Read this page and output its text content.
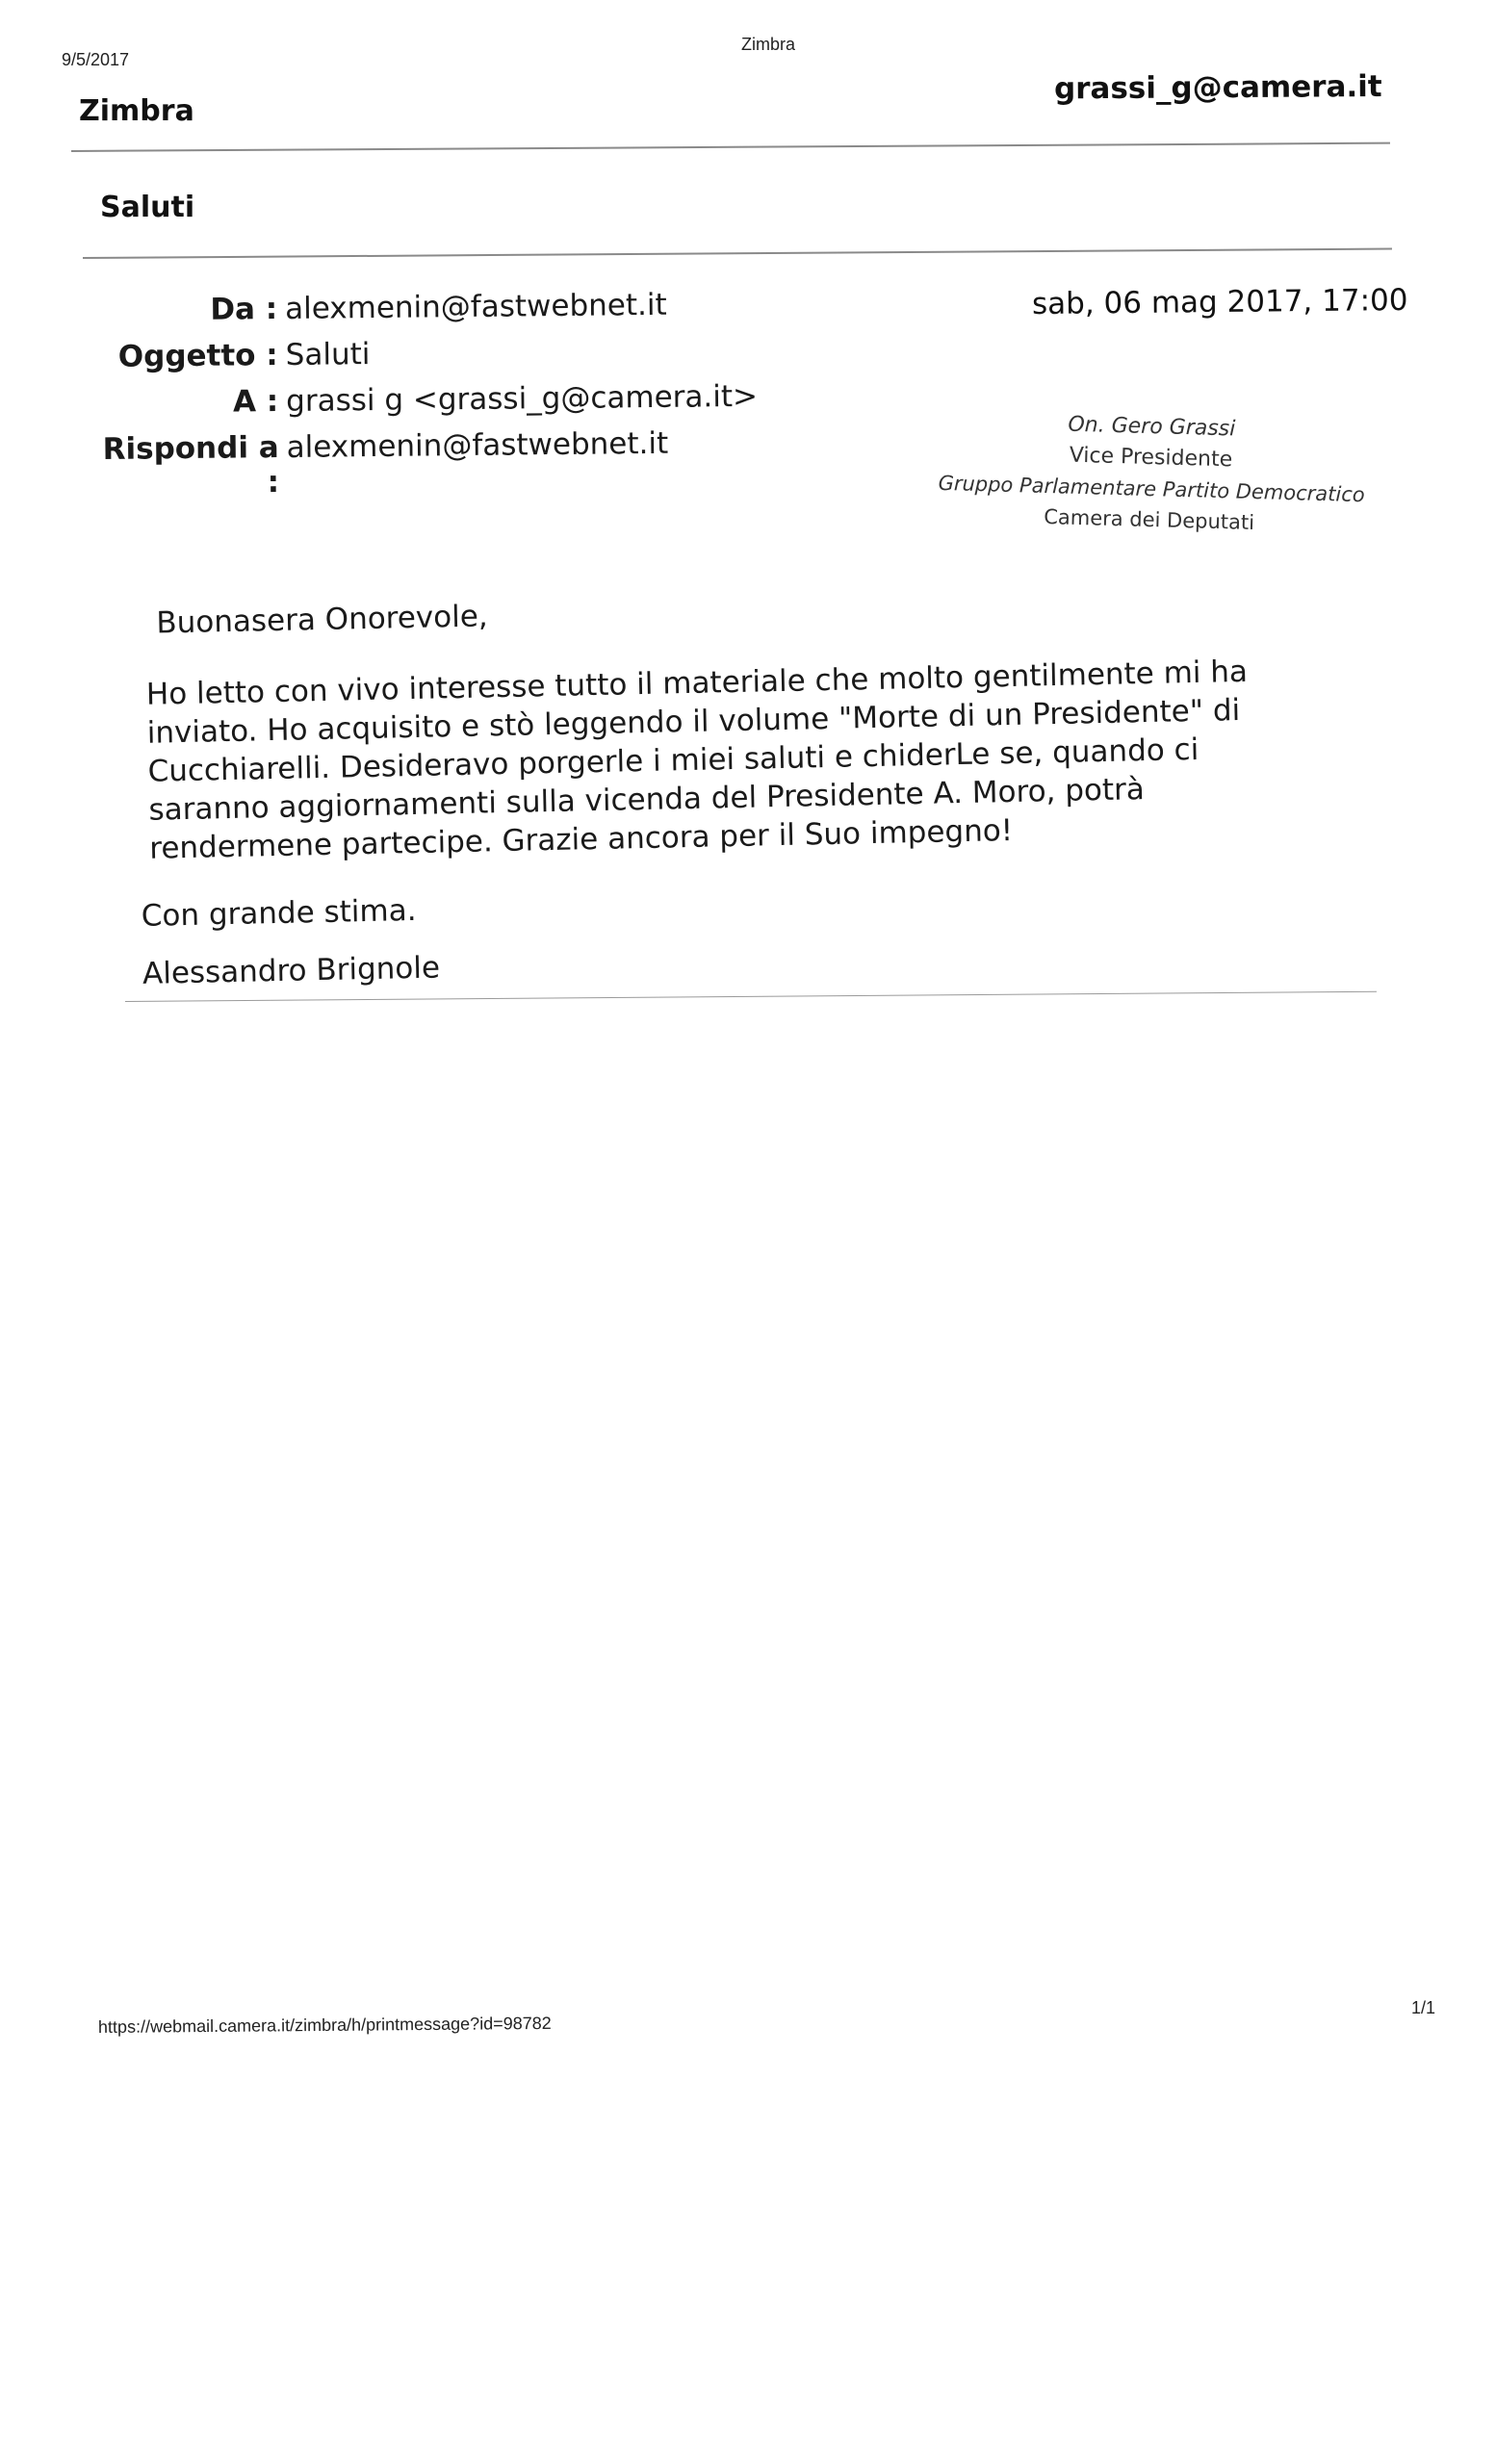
9/5/2017
Zimbra
Zimbra
grassi_g@camera.it
Saluti
Da : alexmenin@fastwebnet.it
Oggetto : Saluti
A : grassi g <grassi_g@camera.it>
Rispondi a :
alexmenin@fastwebnet.it
sab, 06 mag 2017, 17:00
On. Gero Grassi
Vice Presidente
Gruppo Parlamentare Partito Democratico
Camera dei Deputati

Buonasera Onorevole,

Ho letto con vivo interesse tutto il materiale che molto gentilmente mi ha inviato. Ho acquisito e stò leggendo il volume "Morte di un Presidente" di Cucchiarelli. Desideravo porgerle i miei saluti e chiderLe se, quando ci saranno aggiornamenti sulla vicenda del Presidente A. Moro, potrà rendermene partecipe. Grazie ancora per il Suo impegno!

Con grande stima.

Alessandro Brignole

https://webmail.camera.it/zimbra/h/printmessage?id=98782
1/1
